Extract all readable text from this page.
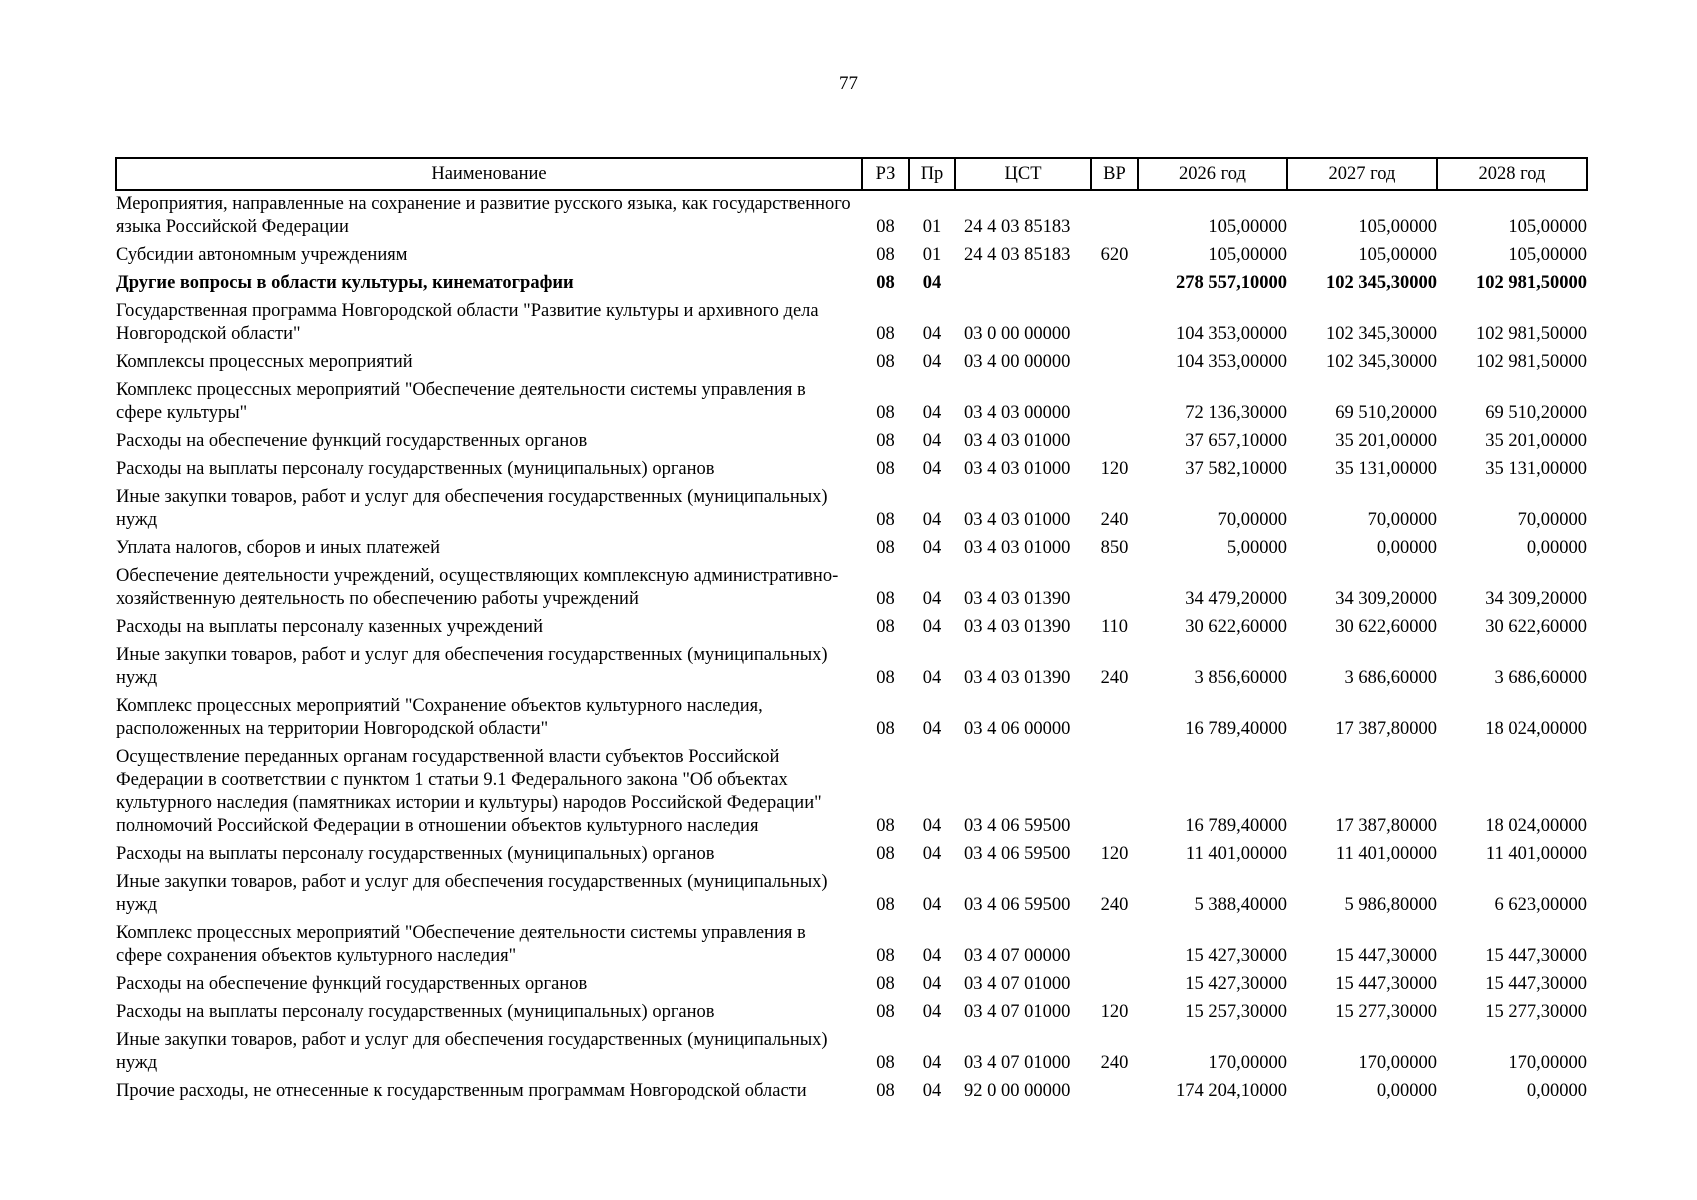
77
Наименование	РЗ	Пр	ЦСТ	ВР	2026 год	2027 год	2028 год
Мероприятия, направленные на сохранение и развитие русского языка, как государственного языка Российской Федерации	08	01	24 4 03 85183		105,00000	105,00000	105,00000
Субсидии автономным учреждениям	08	01	24 4 03 85183	620	105,00000	105,00000	105,00000
Другие вопросы в области культуры, кинематографии	08	04			278 557,10000	102 345,30000	102 981,50000
Государственная программа Новгородской области "Развитие культуры и архивного дела Новгородской области"	08	04	03 0 00 00000		104 353,00000	102 345,30000	102 981,50000
Комплексы процессных мероприятий	08	04	03 4 00 00000		104 353,00000	102 345,30000	102 981,50000
Комплекс процессных мероприятий "Обеспечение деятельности системы управления в сфере культуры"	08	04	03 4 03 00000		72 136,30000	69 510,20000	69 510,20000
Расходы на обеспечение функций государственных органов	08	04	03 4 03 01000		37 657,10000	35 201,00000	35 201,00000
Расходы на выплаты персоналу государственных (муниципальных) органов	08	04	03 4 03 01000	120	37 582,10000	35 131,00000	35 131,00000
Иные закупки товаров, работ и услуг для обеспечения государственных (муниципальных) нужд	08	04	03 4 03 01000	240	70,00000	70,00000	70,00000
Уплата налогов, сборов и иных платежей	08	04	03 4 03 01000	850	5,00000	0,00000	0,00000
Обеспечение деятельности учреждений, осуществляющих комплексную административно-хозяйственную деятельность по обеспечению работы учреждений	08	04	03 4 03 01390		34 479,20000	34 309,20000	34 309,20000
Расходы на выплаты персоналу казенных учреждений	08	04	03 4 03 01390	110	30 622,60000	30 622,60000	30 622,60000
Иные закупки товаров, работ и услуг для обеспечения государственных (муниципальных) нужд	08	04	03 4 03 01390	240	3 856,60000	3 686,60000	3 686,60000
Комплекс процессных мероприятий "Сохранение объектов культурного наследия, расположенных на территории Новгородской области"	08	04	03 4 06 00000		16 789,40000	17 387,80000	18 024,00000
Осуществление переданных органам государственной власти субъектов Российской Федерации в соответствии с пунктом 1 статьи 9.1 Федерального закона "Об объектах культурного наследия (памятниках истории и культуры) народов Российской Федерации" полномочий Российской Федерации в отношении объектов культурного наследия	08	04	03 4 06 59500		16 789,40000	17 387,80000	18 024,00000
Расходы на выплаты персоналу государственных (муниципальных) органов	08	04	03 4 06 59500	120	11 401,00000	11 401,00000	11 401,00000
Иные закупки товаров, работ и услуг для обеспечения государственных (муниципальных) нужд	08	04	03 4 06 59500	240	5 388,40000	5 986,80000	6 623,00000
Комплекс процессных мероприятий "Обеспечение деятельности системы управления в сфере сохранения объектов культурного наследия"	08	04	03 4 07 00000		15 427,30000	15 447,30000	15 447,30000
Расходы на обеспечение функций государственных органов	08	04	03 4 07 01000		15 427,30000	15 447,30000	15 447,30000
Расходы на выплаты персоналу государственных (муниципальных) органов	08	04	03 4 07 01000	120	15 257,30000	15 277,30000	15 277,30000
Иные закупки товаров, работ и услуг для обеспечения государственных (муниципальных) нужд	08	04	03 4 07 01000	240	170,00000	170,00000	170,00000
Прочие расходы, не отнесенные к государственным программам Новгородской области	08	04	92 0 00 00000		174 204,10000	0,00000	0,00000
